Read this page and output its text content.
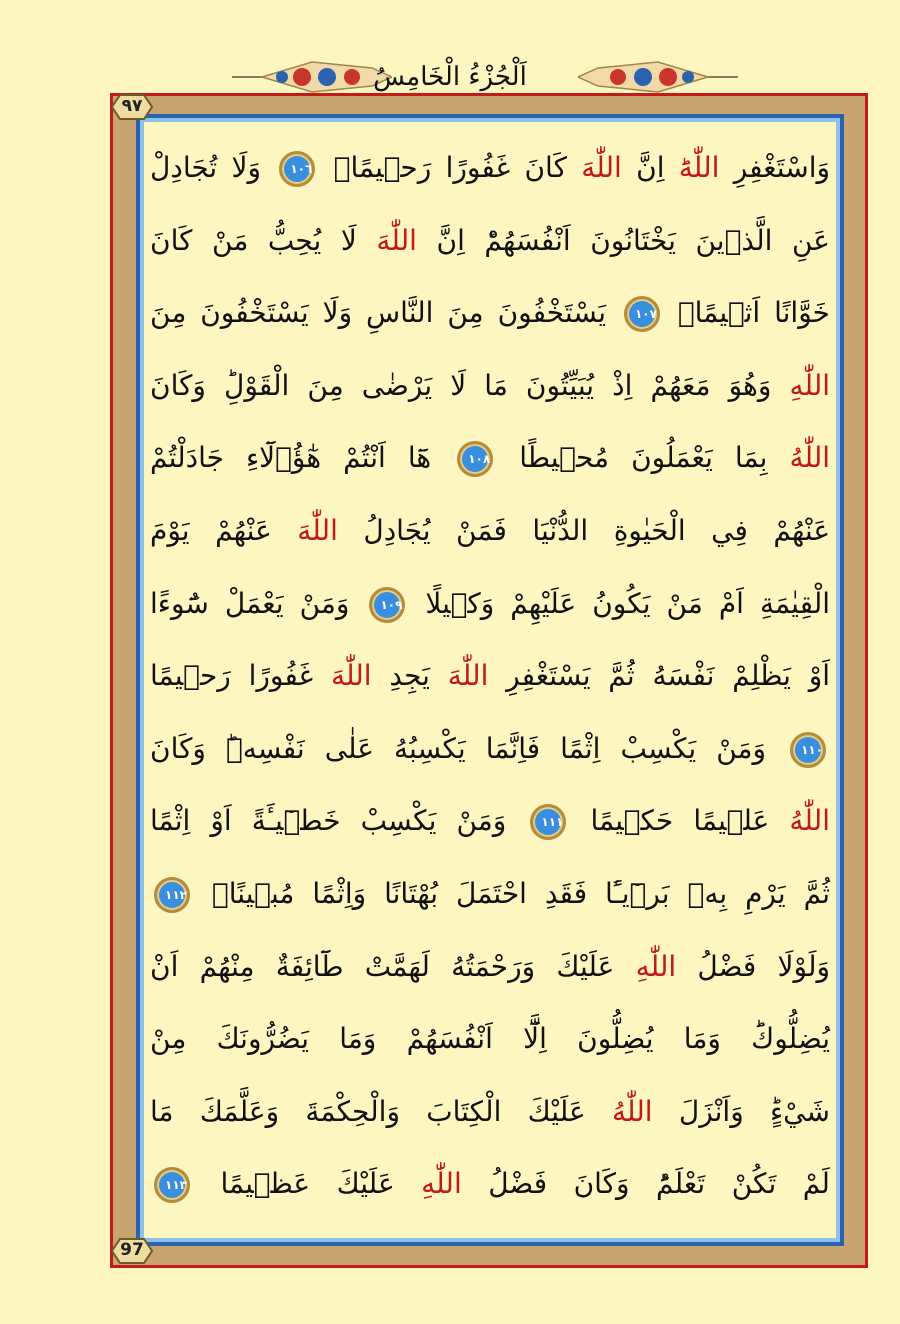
اَلْجُزْءُ الْخَامِسُ
٩٧
وَاسْتَغْفِرِ اللّٰهَؕ اِنَّ اللّٰهَ كَانَ غَفُورًا رَح۪يمًاۚ ١٠٦ وَلَا تُجَادِلْ
عَنِ الَّذ۪ينَ يَخْتَانُونَ اَنْفُسَهُمْؕ اِنَّ اللّٰهَ لَا يُحِبُّ مَنْ كَانَ
خَوَّانًا اَث۪يمًاۚ ١٠٧ يَسْتَخْفُونَ مِنَ النَّاسِ وَلَا يَسْتَخْفُونَ مِنَ
اللّٰهِ وَهُوَ مَعَهُمْ اِذْ يُبَيِّتُونَ مَا لَا يَرْضٰى مِنَ الْقَوْلِؕ وَكَانَ
اللّٰهُ بِمَا يَعْمَلُونَ مُح۪يطًا ١٠٨ هَٓا اَنْتُمْ هٰٓؤُ۬لَٓاءِ جَادَلْتُمْ
عَنْهُمْ فِي الْحَيٰوةِ الدُّنْيَا فَمَنْ يُجَادِلُ اللّٰهَ عَنْهُمْ يَوْمَ
الْقِيٰمَةِ اَمْ مَنْ يَكُونُ عَلَيْهِمْ وَك۪يلًا ١٠٩ وَمَنْ يَعْمَلْ سُٓوءًا
اَوْ يَظْلِمْ نَفْسَهُ ثُمَّ يَسْتَغْفِرِ اللّٰهَ يَجِدِ اللّٰهَ غَفُورًا رَح۪يمًا
١١٠ وَمَنْ يَكْسِبْ اِثْمًا فَاِنَّمَا يَكْسِبُهُ عَلٰى نَفْسِه۪ؕ وَكَانَ
اللّٰهُ عَل۪يمًا حَك۪يمًا ١١١ وَمَنْ يَكْسِبْ خَط۪ٓيـَٔةً اَوْ اِثْمًا
ثُمَّ يَرْمِ بِه۪ بَر۪ٓيـًٔا فَقَدِ احْتَمَلَ بُهْتَانًا وَاِثْمًا مُب۪ينًاࣖ ١١٢
وَلَوْلَا فَضْلُ اللّٰهِ عَلَيْكَ وَرَحْمَتُهُ لَهَمَّتْ طَٓائِفَةٌ مِنْهُمْ اَنْ
يُضِلُّوكَؕ وَمَا يُضِلُّونَ اِلَّٓا اَنْفُسَهُمْ وَمَا يَضُرُّونَكَ مِنْ
شَيْءٍؕ وَاَنْزَلَ اللّٰهُ عَلَيْكَ الْكِتَابَ وَالْحِكْمَةَ وَعَلَّمَكَ مَا
لَمْ تَكُنْ تَعْلَمُؕ وَكَانَ فَضْلُ اللّٰهِ عَلَيْكَ عَظ۪يمًا ١١٣
97
